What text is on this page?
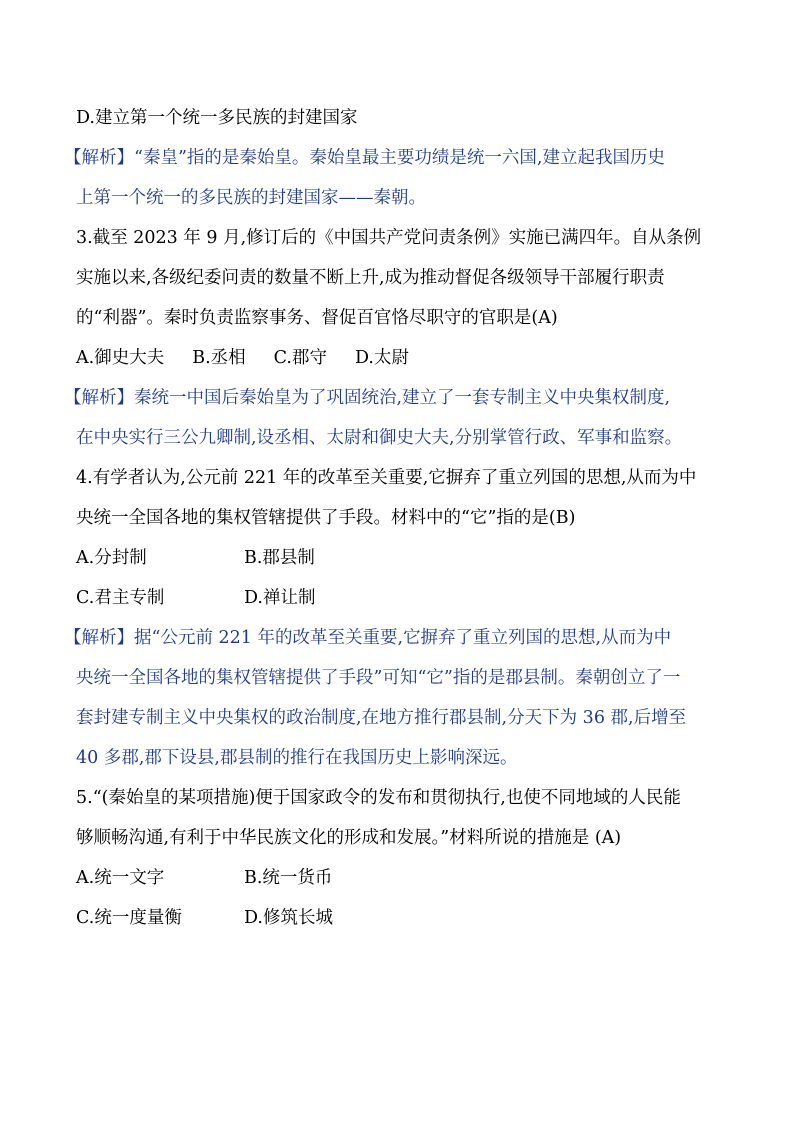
D.建立第一个统一多民族的封建国家
【解析】“秦皇”指的是秦始皇。秦始皇最主要功绩是统一六国,建立起我国历史
上第一个统一的多民族的封建国家——秦朝。
3.截至 2023 年 9 月,修订后的《中国共产党问责条例》实施已满四年。自从条例
实施以来,各级纪委问责的数量不断上升,成为推动督促各级领导干部履行职责
的“利器”。秦时负责监察事务、督促百官恪尽职守的官职是(A)
A.御史大夫 B.丞相 C.郡守 D.太尉
【解析】秦统一中国后秦始皇为了巩固统治,建立了一套专制主义中央集权制度,
在中央实行三公九卿制,设丞相、太尉和御史大夫,分别掌管行政、军事和监察。
4.有学者认为,公元前 221 年的改革至关重要,它摒弃了重立列国的思想,从而为中
央统一全国各地的集权管辖提供了手段。材料中的“它”指的是(B)
A.分封制	B.郡县制
C.君主专制	D.禅让制
【解析】据“公元前 221 年的改革至关重要,它摒弃了重立列国的思想,从而为中
央统一全国各地的集权管辖提供了手段”可知“它”指的是郡县制。秦朝创立了一
套封建专制主义中央集权的政治制度,在地方推行郡县制,分天下为 36 郡,后增至
40 多郡,郡下设县,郡县制的推行在我国历史上影响深远。
5.“(秦始皇的某项措施)便于国家政令的发布和贯彻执行,也使不同地域的人民能
够顺畅沟通,有利于中华民族文化的形成和发展。”材料所说的措施是 (A)
A.统一文字	B.统一货币
C.统一度量衡	D.修筑长城
